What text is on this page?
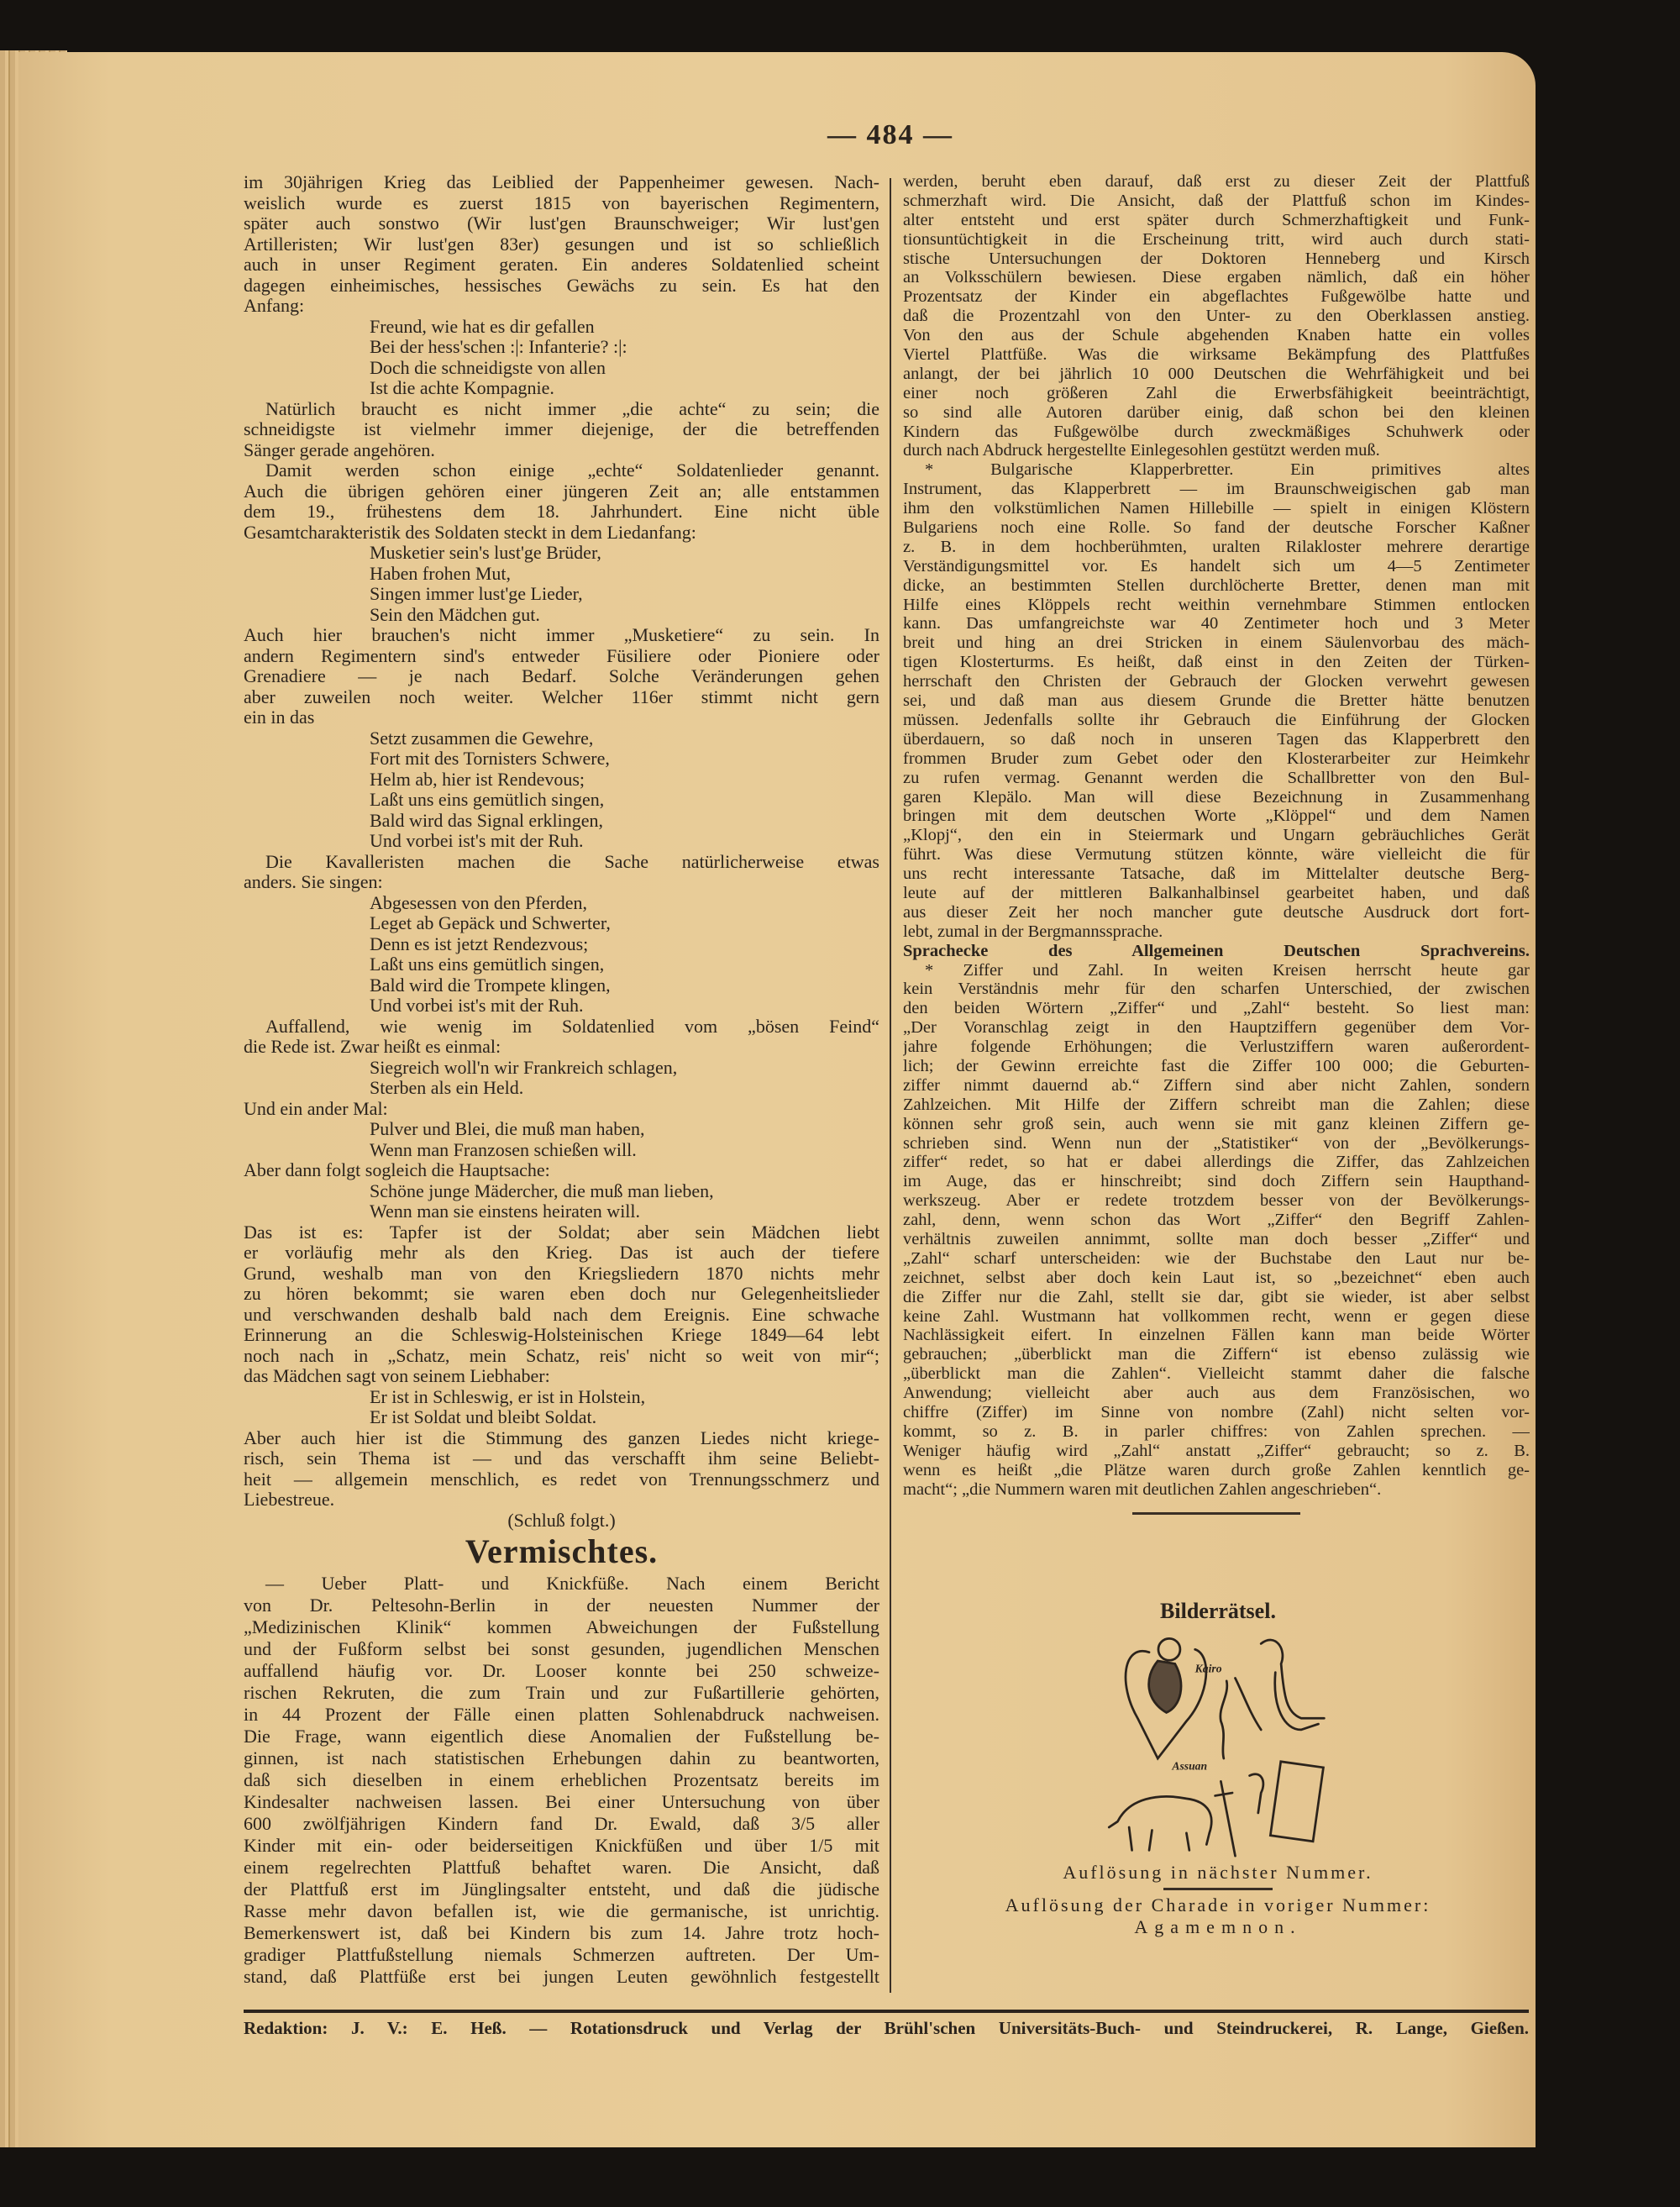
— 484 —
im 30jährigen Krieg das Leiblied der Pappenheimer gewesen. Nach-
weislich wurde es zuerst 1815 von bayerischen Regimentern,
später auch sonstwo (Wir lust'gen Braunschweiger; Wir lust'gen
Artilleristen; Wir lust'gen 83er) gesungen und ist so schließlich
auch in unser Regiment geraten. Ein anderes Soldatenlied scheint
dagegen einheimisches, hessisches Gewächs zu sein. Es hat den
Anfang:
Freund, wie hat es dir gefallen
Bei der hess'schen :|: Infanterie? :|:
Doch die schneidigste von allen
Ist die achte Kompagnie.
Natürlich braucht es nicht immer „die achte“ zu sein; die
schneidigste ist vielmehr immer diejenige, der die betreffenden
Sänger gerade angehören.
Damit werden schon einige „echte“ Soldatenlieder genannt.
Auch die übrigen gehören einer jüngeren Zeit an; alle entstammen
dem 19., frühestens dem 18. Jahrhundert. Eine nicht üble
Gesamtcharakteristik des Soldaten steckt in dem Liedanfang:
Musketier sein's lust'ge Brüder,
Haben frohen Mut,
Singen immer lust'ge Lieder,
Sein den Mädchen gut.
Auch hier brauchen's nicht immer „Musketiere“ zu sein. In
andern Regimentern sind's entweder Füsiliere oder Pioniere oder
Grenadiere — je nach Bedarf. Solche Veränderungen gehen
aber zuweilen noch weiter. Welcher 116er stimmt nicht gern
ein in das
Setzt zusammen die Gewehre,
Fort mit des Tornisters Schwere,
Helm ab, hier ist Rendevous;
Laßt uns eins gemütlich singen,
Bald wird das Signal erklingen,
Und vorbei ist's mit der Ruh.
Die Kavalleristen machen die Sache natürlicherweise etwas
anders. Sie singen:
Abgesessen von den Pferden,
Leget ab Gepäck und Schwerter,
Denn es ist jetzt Rendezvous;
Laßt uns eins gemütlich singen,
Bald wird die Trompete klingen,
Und vorbei ist's mit der Ruh.
Auffallend, wie wenig im Soldatenlied vom „bösen Feind“
die Rede ist. Zwar heißt es einmal:
Siegreich woll'n wir Frankreich schlagen,
Sterben als ein Held.
Und ein ander Mal:
Pulver und Blei, die muß man haben,
Wenn man Franzosen schießen will.
Aber dann folgt sogleich die Hauptsache:
Schöne junge Mädercher, die muß man lieben,
Wenn man sie einstens heiraten will.
Das ist es: Tapfer ist der Soldat; aber sein Mädchen liebt
er vorläufig mehr als den Krieg. Das ist auch der tiefere
Grund, weshalb man von den Kriegsliedern 1870 nichts mehr
zu hören bekommt; sie waren eben doch nur Gelegenheitslieder
und verschwanden deshalb bald nach dem Ereignis. Eine schwache
Erinnerung an die Schleswig-Holsteinischen Kriege 1849—64 lebt
noch nach in „Schatz, mein Schatz, reis' nicht so weit von mir“;
das Mädchen sagt von seinem Liebhaber:
Er ist in Schleswig, er ist in Holstein,
Er ist Soldat und bleibt Soldat.
Aber auch hier ist die Stimmung des ganzen Liedes nicht kriege-
risch, sein Thema ist — und das verschafft ihm seine Beliebt-
heit — allgemein menschlich, es redet von Trennungsschmerz und
Liebestreue.
(Schluß folgt.)
Vermischtes.
— Ueber Platt- und Knickfüße. Nach einem Bericht
von Dr. Peltesohn-Berlin in der neuesten Nummer der
„Medizinischen Klinik“ kommen Abweichungen der Fußstellung
und der Fußform selbst bei sonst gesunden, jugendlichen Menschen
auffallend häufig vor. Dr. Looser konnte bei 250 schweize-
rischen Rekruten, die zum Train und zur Fußartillerie gehörten,
in 44 Prozent der Fälle einen platten Sohlenabdruck nachweisen.
Die Frage, wann eigentlich diese Anomalien der Fußstellung be-
ginnen, ist nach statistischen Erhebungen dahin zu beantworten,
daß sich dieselben in einem erheblichen Prozentsatz bereits im
Kindesalter nachweisen lassen. Bei einer Untersuchung von über
600 zwölfjährigen Kindern fand Dr. Ewald, daß 3/5 aller
Kinder mit ein- oder beiderseitigen Knickfüßen und über 1/5 mit
einem regelrechten Plattfuß behaftet waren. Die Ansicht, daß
der Plattfuß erst im Jünglingsalter entsteht, und daß die jüdische
Rasse mehr davon befallen ist, wie die germanische, ist unrichtig.
Bemerkenswert ist, daß bei Kindern bis zum 14. Jahre trotz hoch-
gradiger Plattfußstellung niemals Schmerzen auftreten. Der Um-
stand, daß Plattfüße erst bei jungen Leuten gewöhnlich festgestellt
werden, beruht eben darauf, daß erst zu dieser Zeit der Plattfuß
schmerzhaft wird. Die Ansicht, daß der Plattfuß schon im Kindes-
alter entsteht und erst später durch Schmerzhaftigkeit und Funk-
tionsuntüchtigkeit in die Erscheinung tritt, wird auch durch stati-
stische Untersuchungen der Doktoren Henneberg und Kirsch
an Volksschülern bewiesen. Diese ergaben nämlich, daß ein höher
Prozentsatz der Kinder ein abgeflachtes Fußgewölbe hatte und
daß die Prozentzahl von den Unter- zu den Oberklassen anstieg.
Von den aus der Schule abgehenden Knaben hatte ein volles
Viertel Plattfüße. Was die wirksame Bekämpfung des Plattfußes
anlangt, der bei jährlich 10 000 Deutschen die Wehrfähigkeit und bei
einer noch größeren Zahl die Erwerbsfähigkeit beeinträchtigt,
so sind alle Autoren darüber einig, daß schon bei den kleinen
Kindern das Fußgewölbe durch zweckmäßiges Schuhwerk oder
durch nach Abdruck hergestellte Einlegesohlen gestützt werden muß.
* Bulgarische Klapperbretter. Ein primitives altes
Instrument, das Klapperbrett — im Braunschweigischen gab man
ihm den volkstümlichen Namen Hillebille — spielt in einigen Klöstern
Bulgariens noch eine Rolle. So fand der deutsche Forscher Kaßner
z. B. in dem hochberühmten, uralten Rilakloster mehrere derartige
Verständigungsmittel vor. Es handelt sich um 4—5 Zentimeter
dicke, an bestimmten Stellen durchlöcherte Bretter, denen man mit
Hilfe eines Klöppels recht weithin vernehmbare Stimmen entlocken
kann. Das umfangreichste war 40 Zentimeter hoch und 3 Meter
breit und hing an drei Stricken in einem Säulenvorbau des mäch-
tigen Klosterturms. Es heißt, daß einst in den Zeiten der Türken-
herrschaft den Christen der Gebrauch der Glocken verwehrt gewesen
sei, und daß man aus diesem Grunde die Bretter hätte benutzen
müssen. Jedenfalls sollte ihr Gebrauch die Einführung der Glocken
überdauern, so daß noch in unseren Tagen das Klapperbrett den
frommen Bruder zum Gebet oder den Klosterarbeiter zur Heimkehr
zu rufen vermag. Genannt werden die Schallbretter von den Bul-
garen Klepälo. Man will diese Bezeichnung in Zusammenhang
bringen mit dem deutschen Worte „Klöppel“ und dem Namen
„Klopj“, den ein in Steiermark und Ungarn gebräuchliches Gerät
führt. Was diese Vermutung stützen könnte, wäre vielleicht die für
uns recht interessante Tatsache, daß im Mittelalter deutsche Berg-
leute auf der mittleren Balkanhalbinsel gearbeitet haben, und daß
aus dieser Zeit her noch mancher gute deutsche Ausdruck dort fort-
lebt, zumal in der Bergmannssprache.
Sprachecke des Allgemeinen Deutschen Sprachvereins.
* Ziffer und Zahl. In weiten Kreisen herrscht heute gar
kein Verständnis mehr für den scharfen Unterschied, der zwischen
den beiden Wörtern „Ziffer“ und „Zahl“ besteht. So liest man:
„Der Voranschlag zeigt in den Hauptziffern gegenüber dem Vor-
jahre folgende Erhöhungen; die Verlustziffern waren außerordent-
lich; der Gewinn erreichte fast die Ziffer 100 000; die Geburten-
ziffer nimmt dauernd ab.“ Ziffern sind aber nicht Zahlen, sondern
Zahlzeichen. Mit Hilfe der Ziffern schreibt man die Zahlen; diese
können sehr groß sein, auch wenn sie mit ganz kleinen Ziffern ge-
schrieben sind. Wenn nun der „Statistiker“ von der „Bevölkerungs-
ziffer“ redet, so hat er dabei allerdings die Ziffer, das Zahlzeichen
im Auge, das er hinschreibt; sind doch Ziffern sein Haupthand-
werkszeug. Aber er redete trotzdem besser von der Bevölkerungs-
zahl, denn, wenn schon das Wort „Ziffer“ den Begriff Zahlen-
verhältnis zuweilen annimmt, sollte man doch besser „Ziffer“ und
„Zahl“ scharf unterscheiden: wie der Buchstabe den Laut nur be-
zeichnet, selbst aber doch kein Laut ist, so „bezeichnet“ eben auch
die Ziffer nur die Zahl, stellt sie dar, gibt sie wieder, ist aber selbst
keine Zahl. Wustmann hat vollkommen recht, wenn er gegen diese
Nachlässigkeit eifert. In einzelnen Fällen kann man beide Wörter
gebrauchen; „überblickt man die Ziffern“ ist ebenso zulässig wie
„überblickt man die Zahlen“. Vielleicht stammt daher die falsche
Anwendung; vielleicht aber auch aus dem Französischen, wo
chiffre (Ziffer) im Sinne von nombre (Zahl) nicht selten vor-
kommt, so z. B. in parler chiffres: von Zahlen sprechen. —
Weniger häufig wird „Zahl“ anstatt „Ziffer“ gebraucht; so z. B.
wenn es heißt „die Plätze waren durch große Zahlen kenntlich ge-
macht“; „die Nummern waren mit deutlichen Zahlen angeschrieben“.
Bilderrätsel.
Kairo
Assuan
Auflösung in nächster Nummer.
Auflösung der Charade in voriger Nummer:
Agamemnon.
Redaktion: J. V.: E. Heß. — Rotationsdruck und Verlag der Brühl'schen Universitäts-Buch- und Steindruckerei, R. Lange, Gießen.
